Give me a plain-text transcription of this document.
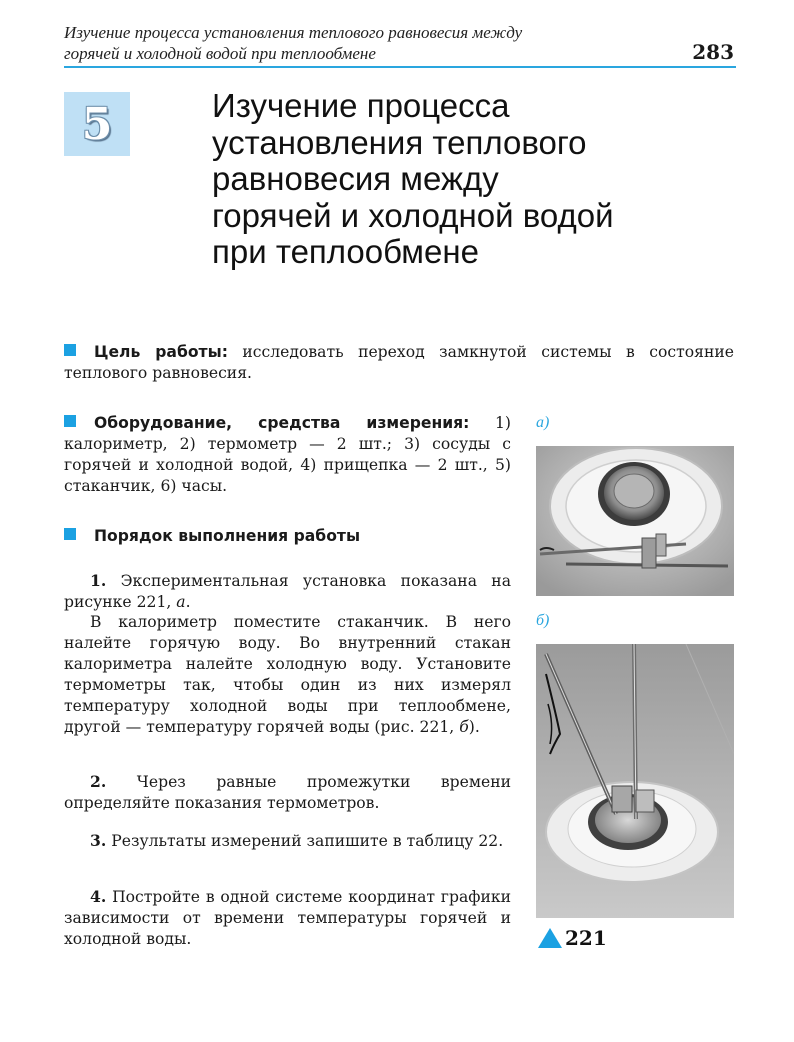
Изучение процесса установления теплового равновесия между
горячей и холодной водой при теплообмене	283
5	Изучение процесса
установления теплового
равновесия между
горячей и холодной водой
при теплообмене

Цель работы: исследовать переход замкнутой системы в состояние теплового равновесия.

Оборудование, средства измерения: 1) калориметр, 2) термометр — 2 шт.; 3) сосуды с горячей и холодной водой, 4) прищепка — 2 шт., 5) стаканчик, 6) часы.

Порядок выполнения работы

1. Экспериментальная установка показана на рисунке 221, а.

В калориметр поместите стаканчик. В него налейте горячую воду. Во внутренний стакан калориметра налейте холодную воду. Установите термометры так, чтобы один из них измерял температуру холодной воды при теплообмене, другой — температуру горячей воды (рис. 221, б).

2. Через равные промежутки времени определяйте показания термометров.

3. Результаты измерений запишите в таблицу 22.

4. Постройте в одной системе координат графики зависимости от времени температуры горячей и холодной воды.

а)
б)
221
